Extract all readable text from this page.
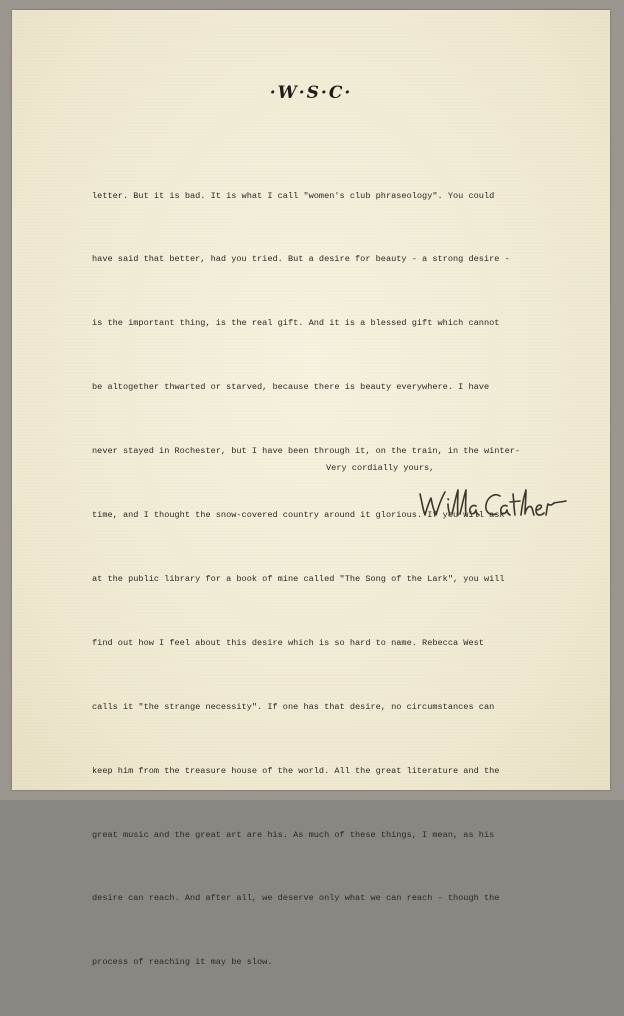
·W·S·C·

letter. But it is bad. It is what I call "women's club phraseology". You could

have said that better, had you tried. But a desire for beauty - a strong desire -

is the important thing, is the real gift. And it is a blessed gift which cannot

be altogether thwarted or starved, because there is beauty everywhere. I have

never stayed in Rochester, but I have been through it, on the train, in the winter-

time, and I thought the snow-covered country around it glorious. If you will ask

at the public library for a book of mine called "The Song of the Lark", you will

find out how I feel about this desire which is so hard to name. Rebecca West

calls it "the strange necessity". If one has that desire, no circumstances can

keep him from the treasure house of the world. All the great literature and the

great music and the great art are his. As much of these things, I mean, as his

desire can reach. And after all, we deserve only what we can reach - though the

process of reaching it may be slow.

Very cordially yours,
